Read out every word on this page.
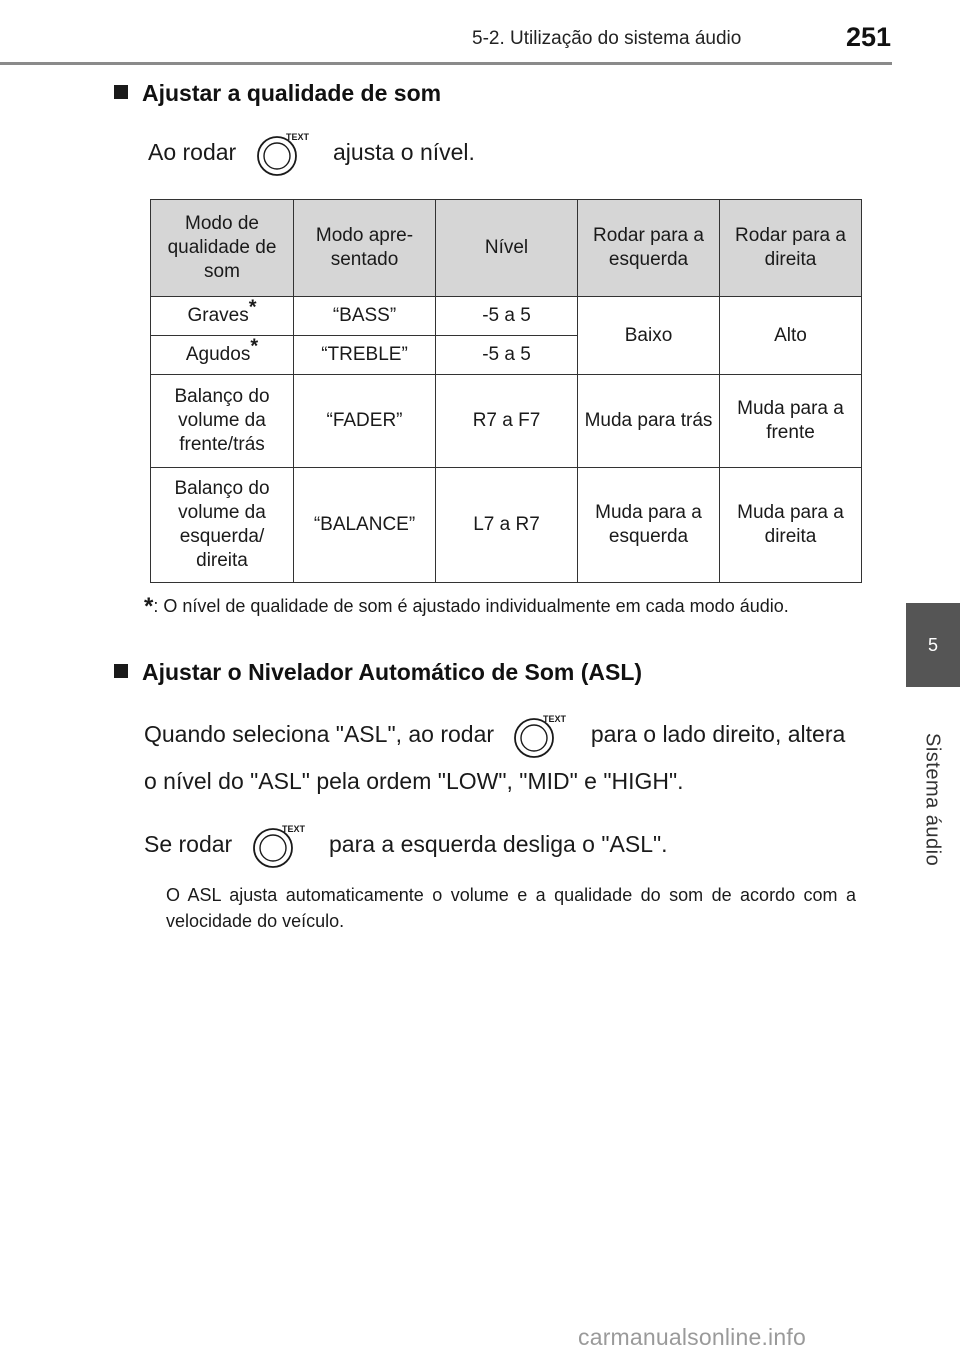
5-2. Utilização do sistema áudio	251
5
Sistema áudio
Ajustar a qualidade de som
Ao rodar
TEXT
ajusta o nível.
Modo de qualidade de som	Modo apre-sentado	Nível	Rodar para a esquerda	Rodar para a direita
Graves*	“BASS”	-5 a 5	Baixo	Alto
Agudos*	“TREBLE”	-5 a 5		
Balanço do volume da frente/trás	“FADER”	R7 a F7	Muda para trás	Muda para a frente
Balanço do volume da esquerda/ direita	“BALANCE”	L7 a R7	Muda para a esquerda	Muda para a direita
*: O nível de qualidade de som é ajustado individualmente em cada modo áudio.
Ajustar o Nivelador Automático de Som (ASL)
Quando seleciona "ASL", ao rodar
TEXT
para o lado direito, altera
o nível do "ASL" pela ordem "LOW", "MID" e "HIGH".
Se rodar
TEXT
para a esquerda desliga o "ASL".
O ASL ajusta automaticamente o volume e a qualidade do som de acordo com a velocidade do veículo.
carmanualsonline.info
